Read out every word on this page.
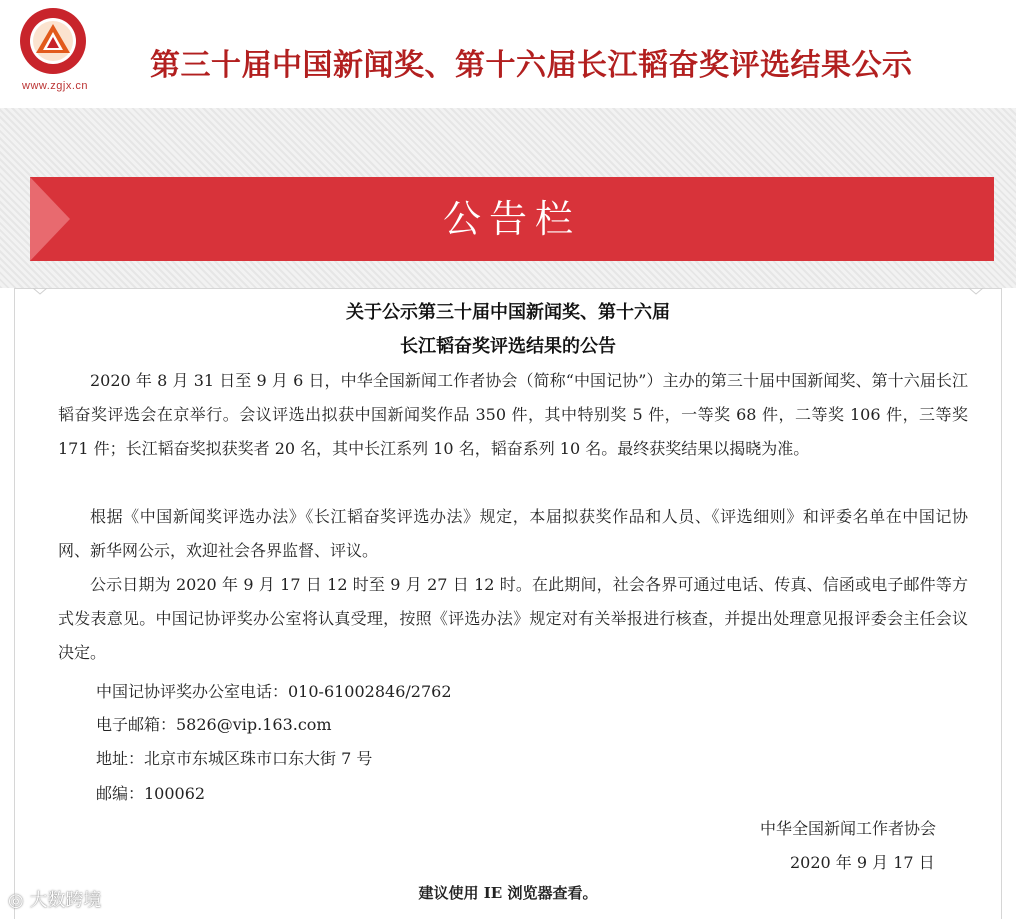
www.zgjx.cn
第三十届中国新闻奖、第十六届长江韬奋奖评选结果公示
公告栏
关于公示第三十届中国新闻奖、第十六届
长江韬奋奖评选结果的公告
2020 年 8 月 31 日至 9 月 6 日，中华全国新闻工作者协会（简称“中国记协”）主办的第三十届中国新闻奖、第十六届长江韬奋奖评选会在京举行。会议评选出拟获中国新闻奖作品 350 件，其中特别奖 5 件，一等奖 68 件，二等奖 106 件，三等奖 171 件；长江韬奋奖拟获奖者 20 名，其中长江系列 10 名，韬奋系列 10 名。最终获奖结果以揭晓为准。
根据《中国新闻奖评选办法》《长江韬奋奖评选办法》规定，本届拟获奖作品和人员、《评选细则》和评委名单在中国记协网、新华网公示，欢迎社会各界监督、评议。
公示日期为 2020 年 9 月 17 日 12 时至 9 月 27 日 12 时。在此期间，社会各界可通过电话、传真、信函或电子邮件等方式发表意见。中国记协评奖办公室将认真受理，按照《评选办法》规定对有关举报进行核查，并提出处理意见报评委会主任会议决定。
中国记协评奖办公室电话：010-61002846/2762
电子邮箱：5826@vip.163.com
地址：北京市东城区珠市口东大街 7 号
邮编：100062
中华全国新闻工作者协会
2020 年 9 月 17 日
建议使用 IE 浏览器查看。
◎ 大数跨境
